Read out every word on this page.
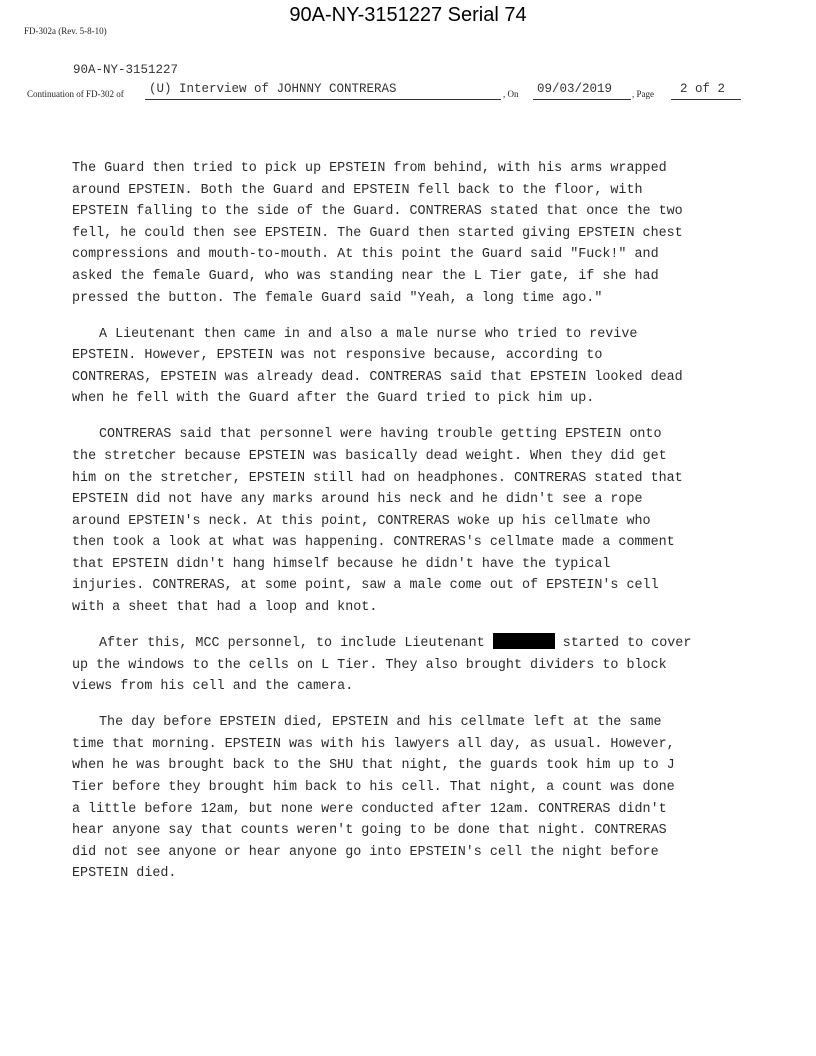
90A-NY-3151227 Serial 74
FD-302a (Rev. 5-8-10)
90A-NY-3151227
Continuation of FD-302 of (U) Interview of JOHNNY CONTRERAS	, On 09/03/2019 , Page 2 of 2

The Guard then tried to pick up EPSTEIN from behind, with his arms wrapped
around EPSTEIN. Both the Guard and EPSTEIN fell back to the floor, with
EPSTEIN falling to the side of the Guard. CONTRERAS stated that once the two
fell, he could then see EPSTEIN. The Guard then started giving EPSTEIN chest
compressions and mouth-to-mouth. At this point the Guard said "Fuck!" and
asked the female Guard, who was standing near the L Tier gate, if she had
pressed the button. The female Guard said "Yeah, a long time ago."

A Lieutenant then came in and also a male nurse who tried to revive
EPSTEIN. However, EPSTEIN was not responsive because, according to
CONTRERAS, EPSTEIN was already dead. CONTRERAS said that EPSTEIN looked dead
when he fell with the Guard after the Guard tried to pick him up.

CONTRERAS said that personnel were having trouble getting EPSTEIN onto
the stretcher because EPSTEIN was basically dead weight. When they did get
him on the stretcher, EPSTEIN still had on headphones. CONTRERAS stated that
EPSTEIN did not have any marks around his neck and he didn't see a rope
around EPSTEIN's neck. At this point, CONTRERAS woke up his cellmate who
then took a look at what was happening. CONTRERAS's cellmate made a comment
that EPSTEIN didn't hang himself because he didn't have the typical
injuries. CONTRERAS, at some point, saw a male come out of EPSTEIN's cell
with a sheet that had a loop and knot.

After this, MCC personnel, to include Lieutenant	started to cover
up the windows to the cells on L Tier. They also brought dividers to block
views from his cell and the camera.

The day before EPSTEIN died, EPSTEIN and his cellmate left at the same
time that morning. EPSTEIN was with his lawyers all day, as usual. However,
when he was brought back to the SHU that night, the guards took him up to J
Tier before they brought him back to his cell. That night, a count was done
a little before 12am, but none were conducted after 12am. CONTRERAS didn't
hear anyone say that counts weren't going to be done that night. CONTRERAS
did not see anyone or hear anyone go into EPSTEIN's cell the night before
EPSTEIN died.
